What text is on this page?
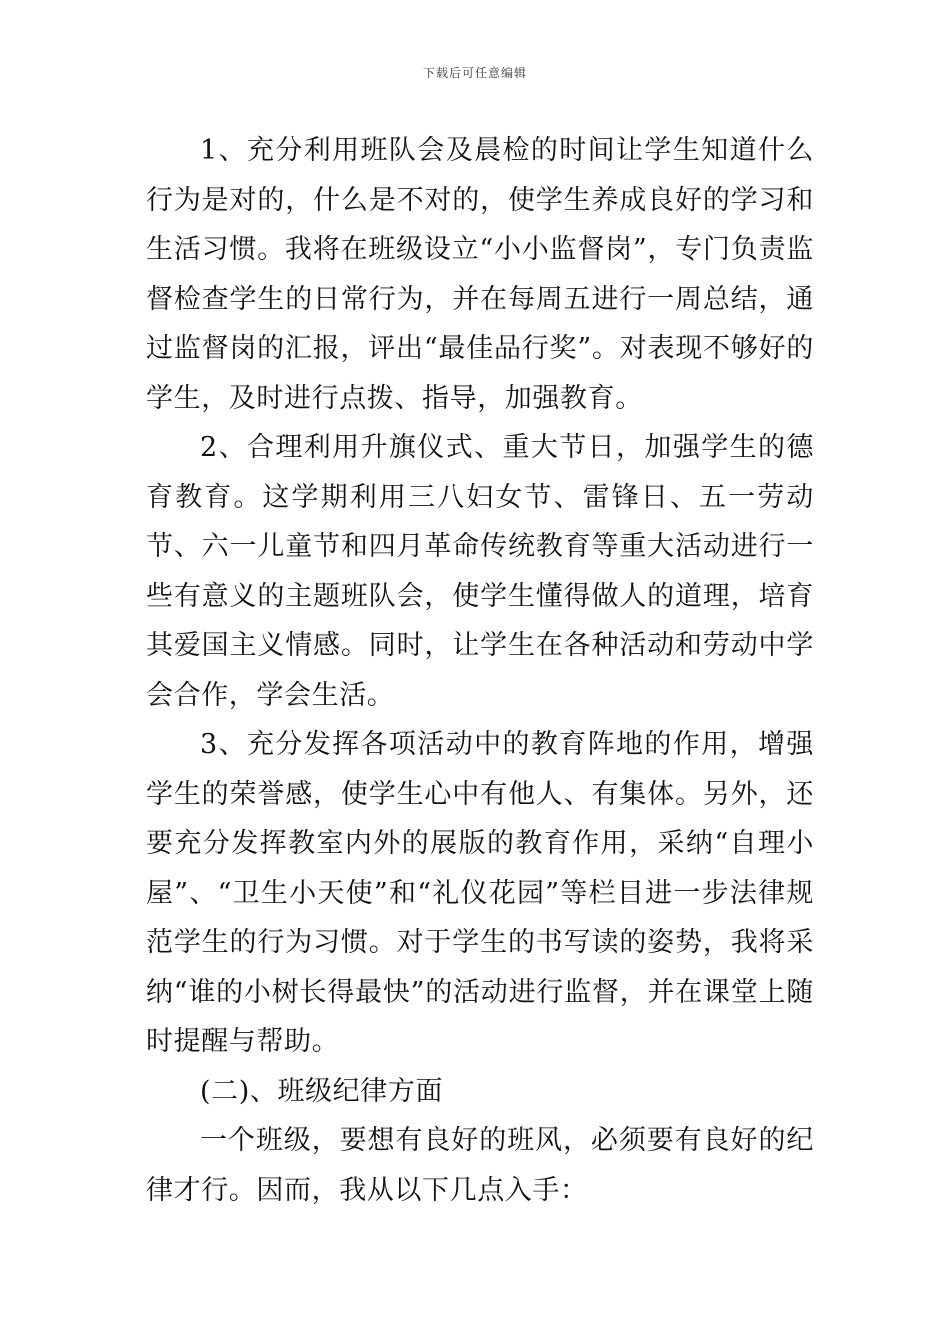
下载后可任意编辑

1、充分利用班队会及晨检的时间让学生知道什么行为是对的，什么是不对的，使学生养成良好的学习和生活习惯。我将在班级设立“小小监督岗”，专门负责监督检查学生的日常行为，并在每周五进行一周总结，通过监督岗的汇报，评出“最佳品行奖”。对表现不够好的学生，及时进行点拨、指导，加强教育。

2、合理利用升旗仪式、重大节日，加强学生的德育教育。这学期利用三八妇女节、雷锋日、五一劳动节、六一儿童节和四月革命传统教育等重大活动进行一些有意义的主题班队会，使学生懂得做人的道理，培育其爱国主义情感。同时，让学生在各种活动和劳动中学会合作，学会生活。

3、充分发挥各项活动中的教育阵地的作用，增强学生的荣誉感，使学生心中有他人、有集体。另外，还要充分发挥教室内外的展版的教育作用，采纳“自理小屋”、“卫生小天使”和“礼仪花园”等栏目进一步法律规范学生的行为习惯。对于学生的书写读的姿势，我将采纳“谁的小树长得最快”的活动进行监督，并在课堂上随时提醒与帮助。

(二)、班级纪律方面

一个班级，要想有良好的班风，必须要有良好的纪律才行。因而，我从以下几点入手：
